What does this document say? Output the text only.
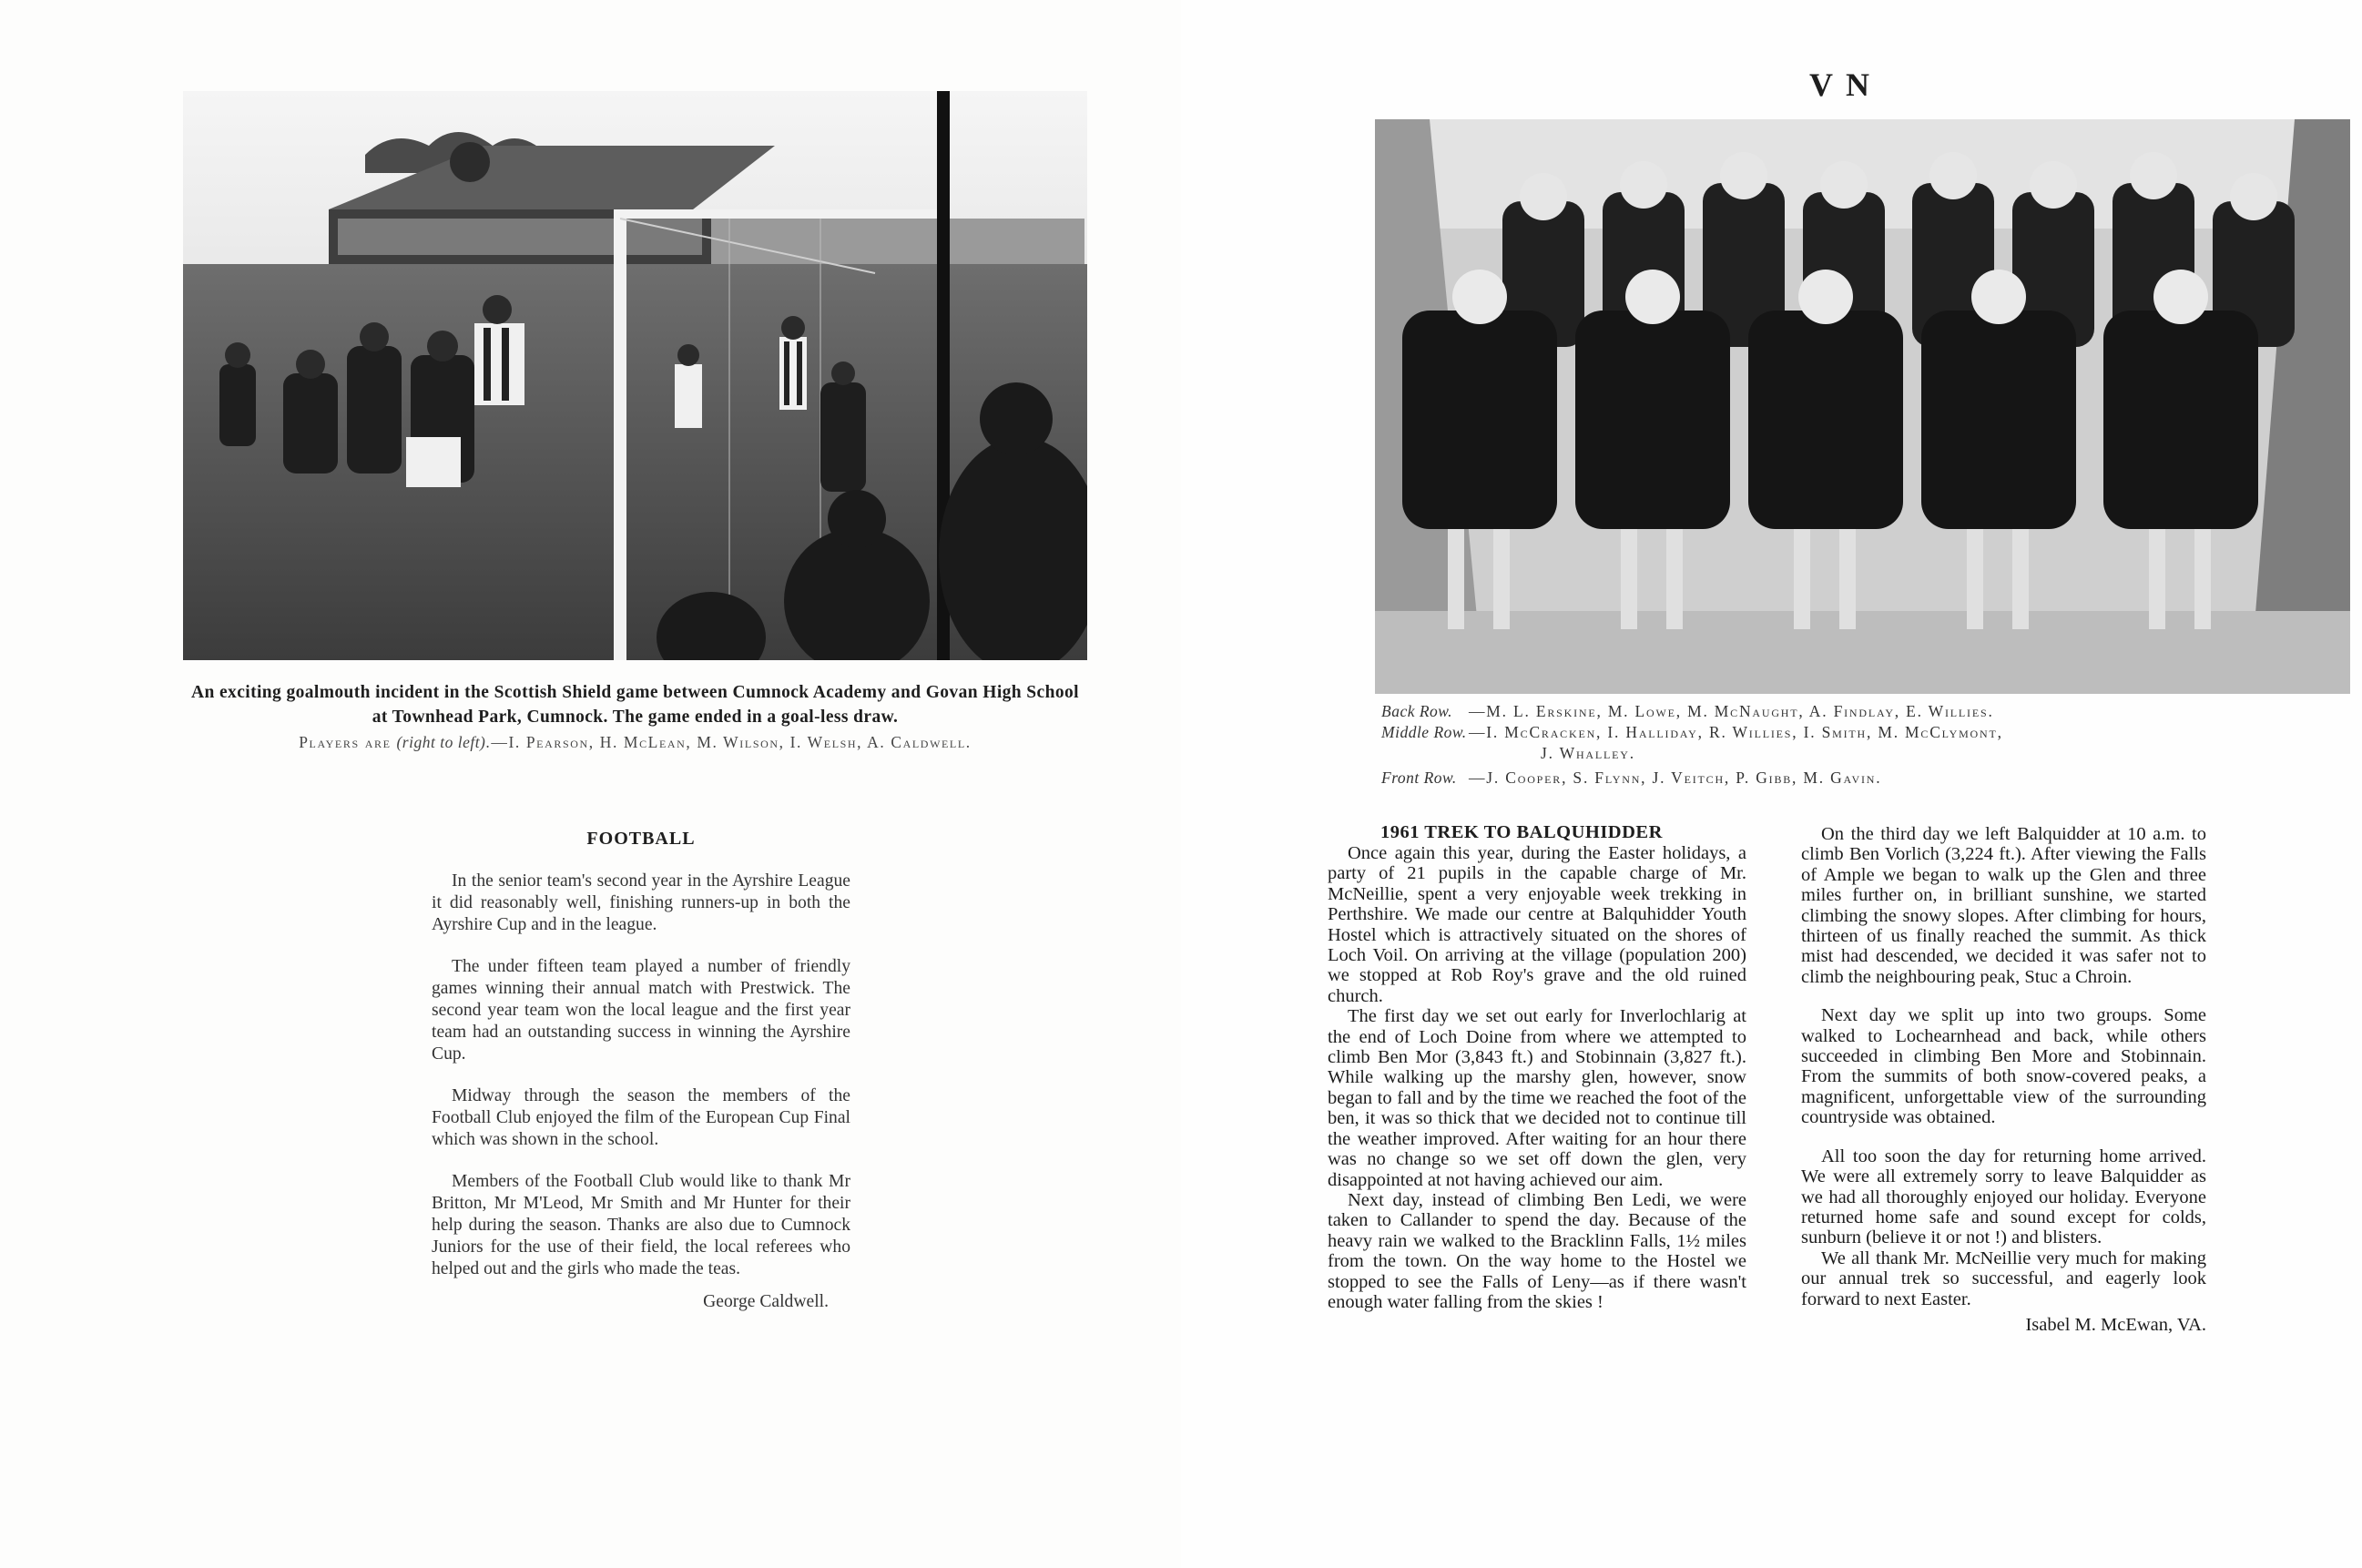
An exciting goalmouth incident in the Scottish Shield game between Cumnock Academy and Govan High School at Townhead Park, Cumnock. The game ended in a goal-less draw.
Players are (right to left).—I. Pearson, H. McLean, M. Wilson, I. Welsh, A. Caldwell.
FOOTBALL

In the senior team's second year in the Ayrshire League it did reasonably well, finishing runners-up in both the Ayrshire Cup and in the league.

The under fifteen team played a number of friendly games winning their annual match with Prestwick. The second year team won the local league and the first year team had an outstanding success in winning the Ayrshire Cup.

Midway through the season the members of the Football Club enjoyed the film of the European Cup Final which was shown in the school.

Members of the Football Club would like to thank Mr Britton, Mr M'Leod, Mr Smith and Mr Hunter for their help during the season. Thanks are also due to Cumnock Juniors for the use of their field, the local referees who helped out and the girls who made the teas.

George Caldwell.

VN
Back Row.	—M. L. Erskine, M. Lowe, M. McNaught, A. Findlay, E. Willies.
Middle Row. —I. McCracken, I. Halliday, R. Willies, I. Smith, M. McClymont,
J. Whalley.
Front Row. —J. Cooper, S. Flynn, J. Veitch, P. Gibb, M. Gavin.
1961 TREK TO BALQUHIDDER

Once again this year, during the Easter holidays, a party of 21 pupils in the capable charge of Mr. McNeillie, spent a very enjoyable week trekking in Perthshire. We made our centre at Balquhidder Youth Hostel which is attractively situated on the shores of Loch Voil. On arriving at the village (population 200) we stopped at Rob Roy's grave and the old ruined church.

The first day we set out early for Inverlochlarig at the end of Loch Doine from where we attempted to climb Ben Mor (3,843 ft.) and Stobinnain (3,827 ft.). While walking up the marshy glen, however, snow began to fall and by the time we reached the foot of the ben, it was so thick that we decided not to continue till the weather improved. After waiting for an hour there was no change so we set off down the glen, very disappointed at not having achieved our aim.

Next day, instead of climbing Ben Ledi, we were taken to Callander to spend the day. Because of the heavy rain we walked to the Bracklinn Falls, 1½ miles from the town. On the way home to the Hostel we stopped to see the Falls of Leny—as if there wasn't enough water falling from the skies !

On the third day we left Balquidder at 10 a.m. to climb Ben Vorlich (3,224 ft.). After viewing the Falls of Ample we began to walk up the Glen and three miles further on, in brilliant sunshine, we started climbing the snowy slopes. After climbing for hours, thirteen of us finally reached the summit. As thick mist had descended, we decided it was safer not to climb the neighbouring peak, Stuc a Chroin.

Next day we split up into two groups. Some walked to Lochearnhead and back, while others succeeded in climbing Ben More and Stobinnain. From the summits of both snow-covered peaks, a magnificent, unforgettable view of the surrounding countryside was obtained.

All too soon the day for returning home arrived. We were all extremely sorry to leave Balquidder as we had all thoroughly enjoyed our holiday. Everyone returned home safe and sound except for colds, sunburn (believe it or not !) and blisters.

We all thank Mr. McNeillie very much for making our annual trek so successful, and eagerly look forward to next Easter.

Isabel M. McEwan, VA.
